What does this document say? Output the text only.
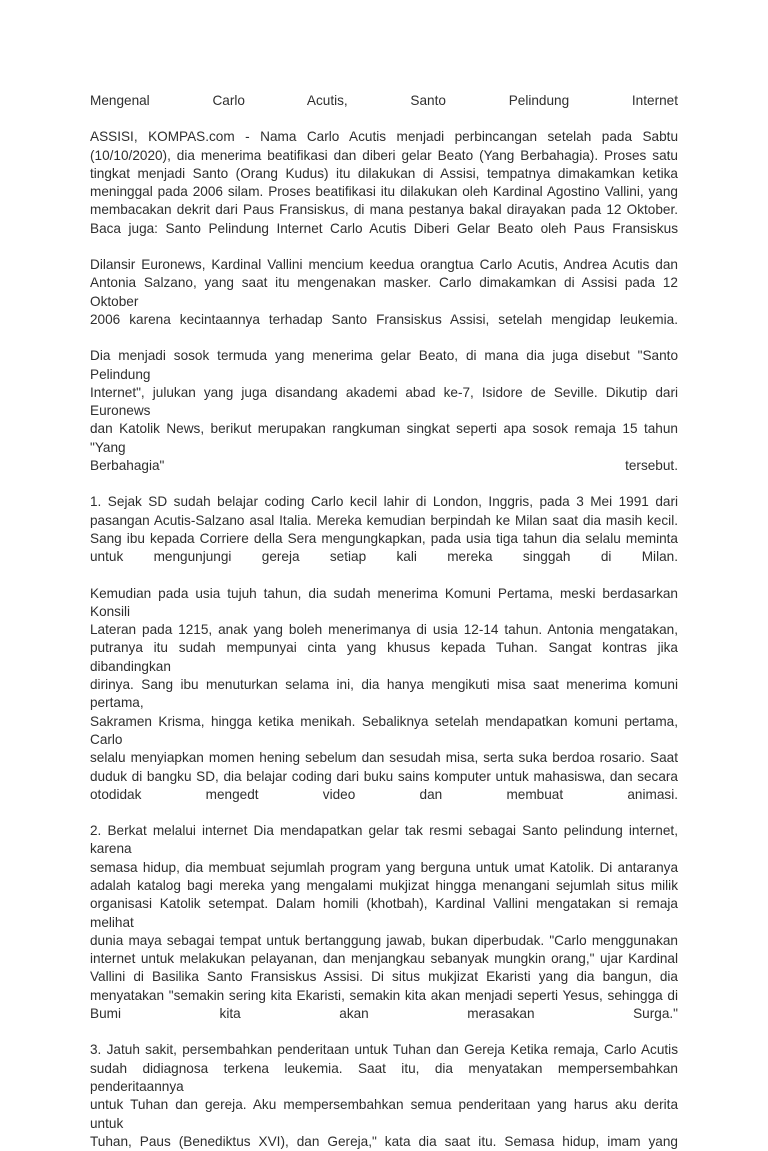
Mengenal Carlo Acutis, Santo Pelindung Internet

ASSISI, KOMPAS.com - Nama Carlo Acutis menjadi perbincangan setelah pada Sabtu
(10/10/2020), dia menerima beatifikasi dan diberi gelar Beato (Yang Berbahagia). Proses satu
tingkat menjadi Santo (Orang Kudus) itu dilakukan di Assisi, tempatnya dimakamkan ketika
meninggal pada 2006 silam. Proses beatifikasi itu dilakukan oleh Kardinal Agostino Vallini, yang
membacakan dekrit dari Paus Fransiskus, di mana pestanya bakal dirayakan pada 12 Oktober.
Baca juga: Santo Pelindung Internet Carlo Acutis Diberi Gelar Beato oleh Paus Fransiskus
Dilansir Euronews, Kardinal Vallini mencium keedua orangtua Carlo Acutis, Andrea Acutis dan
Antonia Salzano, yang saat itu mengenakan masker. Carlo dimakamkan di Assisi pada 12 Oktober
2006 karena kecintaannya terhadap Santo Fransiskus Assisi, setelah mengidap leukemia.
Dia menjadi sosok termuda yang menerima gelar Beato, di mana dia juga disebut "Santo Pelindung
Internet", julukan yang juga disandang akademi abad ke-7, Isidore de Seville. Dikutip dari Euronews
dan Katolik News, berikut merupakan rangkuman singkat seperti apa sosok remaja 15 tahun "Yang
Berbahagia" tersebut.
1. Sejak SD sudah belajar coding Carlo kecil lahir di London, Inggris, pada 3 Mei 1991 dari
pasangan Acutis-Salzano asal Italia. Mereka kemudian berpindah ke Milan saat dia masih kecil.
Sang ibu kepada Corriere della Sera mengungkapkan, pada usia tiga tahun dia selalu meminta
untuk mengunjungi gereja setiap kali mereka singgah di Milan.
Kemudian pada usia tujuh tahun, dia sudah menerima Komuni Pertama, meski berdasarkan Konsili
Lateran pada 1215, anak yang boleh menerimanya di usia 12-14 tahun. Antonia mengatakan,
putranya itu sudah mempunyai cinta yang khusus kepada Tuhan. Sangat kontras jika dibandingkan
dirinya. Sang ibu menuturkan selama ini, dia hanya mengikuti misa saat menerima komuni pertama,
Sakramen Krisma, hingga ketika menikah. Sebaliknya setelah mendapatkan komuni pertama, Carlo
selalu menyiapkan momen hening sebelum dan sesudah misa, serta suka berdoa rosario. Saat
duduk di bangku SD, dia belajar coding dari buku sains komputer untuk mahasiswa, dan secara
otodidak mengedt video dan membuat animasi.
2. Berkat melalui internet Dia mendapatkan gelar tak resmi sebagai Santo pelindung internet, karena
semasa hidup, dia membuat sejumlah program yang berguna untuk umat Katolik. Di antaranya
adalah katalog bagi mereka yang mengalami mukjizat hingga menangani sejumlah situs milik
organisasi Katolik setempat. Dalam homili (khotbah), Kardinal Vallini mengatakan si remaja melihat
dunia maya sebagai tempat untuk bertanggung jawab, bukan diperbudak. "Carlo menggunakan
internet untuk melakukan pelayanan, dan menjangkau sebanyak mungkin orang," ujar Kardinal
Vallini di Basilika Santo Fransiskus Assisi. Di situs mukjizat Ekaristi yang dia bangun, dia
menyatakan "semakin sering kita Ekaristi, semakin kita akan menjadi seperti Yesus, sehingga di
Bumi kita akan merasakan Surga."
3. Jatuh sakit, persembahkan penderitaan untuk Tuhan dan Gereja Ketika remaja, Carlo Acutis
sudah didiagnosa terkena leukemia. Saat itu, dia menyatakan mempersembahkan penderitaannya
untuk Tuhan dan gereja. Aku mempersembahkan semua penderitaan yang harus aku derita untuk
Tuhan, Paus (Benediktus XVI), dan Gereja," kata dia saat itu. Semasa hidup, imam yang
